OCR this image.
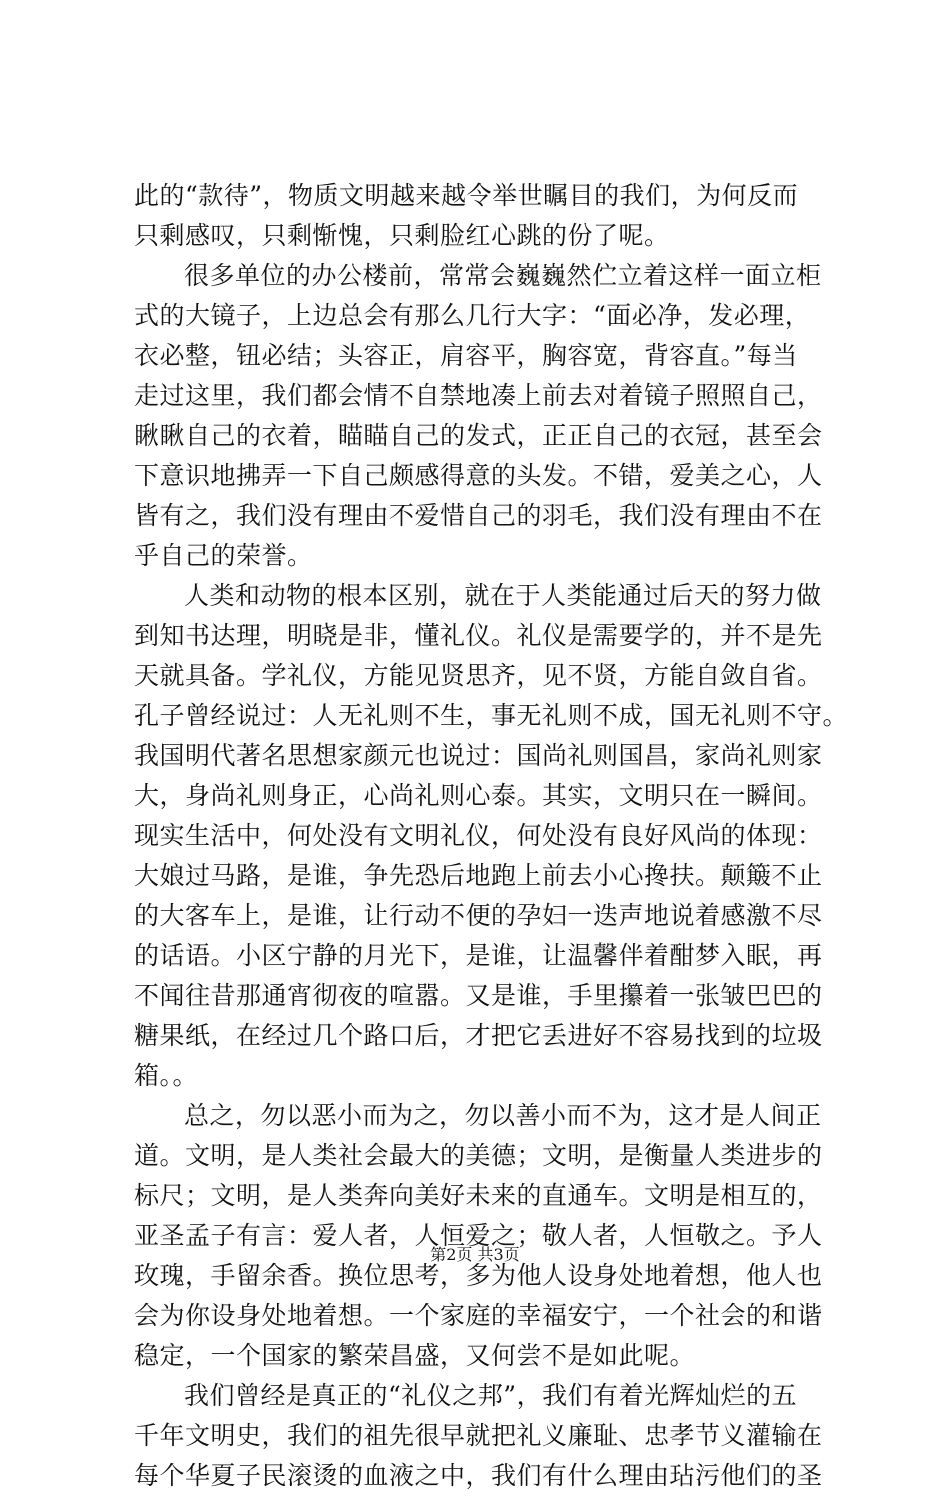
此的“款待”，物质文明越来越令举世瞩目的我们，为何反而
只剩感叹，只剩惭愧，只剩脸红心跳的份了呢。
很多单位的办公楼前，常常会巍巍然伫立着这样一面立柜
式的大镜子，上边总会有那么几行大字：“面必净，发必理，
衣必整，钮必结；头容正，肩容平，胸容宽，背容直。”每当
走过这里，我们都会情不自禁地凑上前去对着镜子照照自己，
瞅瞅自己的衣着，瞄瞄自己的发式，正正自己的衣冠，甚至会
下意识地拂弄一下自己颇感得意的头发。不错，爱美之心，人
皆有之，我们没有理由不爱惜自己的羽毛，我们没有理由不在
乎自己的荣誉。
人类和动物的根本区别，就在于人类能通过后天的努力做
到知书达理，明晓是非，懂礼仪。礼仪是需要学的，并不是先
天就具备。学礼仪，方能见贤思齐，见不贤，方能自敛自省。
孔子曾经说过：人无礼则不生，事无礼则不成，国无礼则不守。
我国明代著名思想家颜元也说过：国尚礼则国昌，家尚礼则家
大，身尚礼则身正，心尚礼则心泰。其实，文明只在一瞬间。
现实生活中，何处没有文明礼仪，何处没有良好风尚的体现：
大娘过马路，是谁，争先恐后地跑上前去小心搀扶。颠簸不止
的大客车上，是谁，让行动不便的孕妇一迭声地说着感激不尽
的话语。小区宁静的月光下，是谁，让温馨伴着酣梦入眠，再
不闻往昔那通宵彻夜的喧嚣。又是谁，手里攥着一张皱巴巴的
糖果纸，在经过几个路口后，才把它丢进好不容易找到的垃圾
箱。。
总之，勿以恶小而为之，勿以善小而不为，这才是人间正
道。文明，是人类社会最大的美德；文明，是衡量人类进步的
标尺；文明，是人类奔向美好未来的直通车。文明是相互的，
亚圣孟子有言：爱人者，人恒爱之；敬人者，人恒敬之。予人
玫瑰，手留余香。换位思考，多为他人设身处地着想，他人也
会为你设身处地着想。一个家庭的幸福安宁，一个社会的和谐
稳定，一个国家的繁荣昌盛，又何尝不是如此呢。
我们曾经是真正的“礼仪之邦”，我们有着光辉灿烂的五
千年文明史，我们的祖先很早就把礼义廉耻、忠孝节义灌输在
每个华夏子民滚烫的血液之中，我们有什么理由玷污他们的圣
第2页 共3页
